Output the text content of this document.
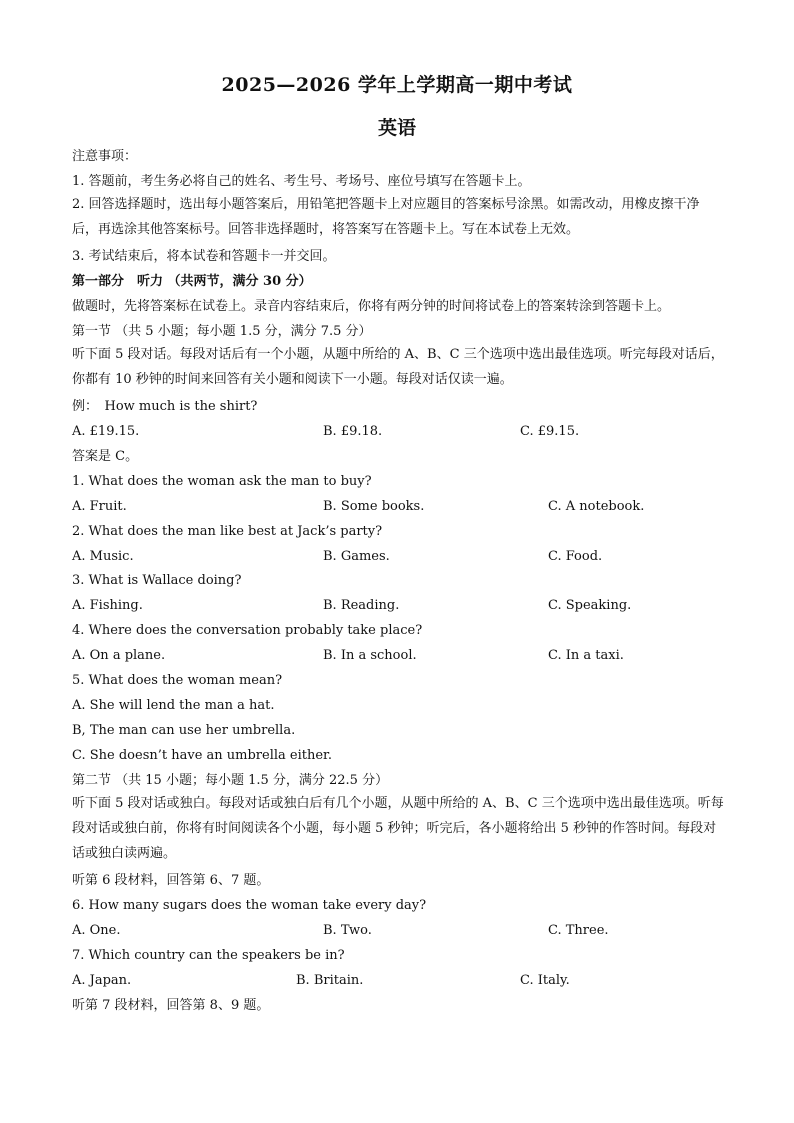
2025—2026 学年上学期高一期中考试
英语
注意事项：
1. 答题前，考生务必将自己的姓名、考生号、考场号、座位号填写在答题卡上。
2. 回答选择题时，选出每小题答案后，用铅笔把答题卡上对应题目的答案标号涂黑。如需改动，用橡皮擦干净后，再选涂其他答案标号。回答非选择题时，将答案写在答题卡上。写在本试卷上无效。
3. 考试结束后，将本试卷和答题卡一并交回。
第一部分　听力 （共两节，满分 30 分）
做题时，先将答案标在试卷上。录音内容结束后，你将有两分钟的时间将试卷上的答案转涂到答题卡上。
第一节 （共 5 小题；每小题 1.5 分，满分 7.5 分）
听下面 5 段对话。每段对话后有一个小题，从题中所给的 A、B、C 三个选项中选出最佳选项。听完每段对话后，你都有 10 秒钟的时间来回答有关小题和阅读下一小题。每段对话仅读一遍。
例：　How much is the shirt?
A. £19.15.	B. £9.18.	C. £9.15.
答案是 C。
1. What does the woman ask the man to buy?
A. Fruit.	B. Some books.	C. A notebook.
2. What does the man like best at Jack’s party?
A. Music.	B. Games.	C. Food.
3. What is Wallace doing?
A. Fishing.	B. Reading.	C. Speaking.
4. Where does the conversation probably take place?
A. On a plane.	B. In a school.	C. In a taxi.
5. What does the woman mean?
A. She will lend the man a hat.
B, The man can use her umbrella.
C. She doesn’t have an umbrella either.
第二节 （共 15 小题；每小题 1.5 分，满分 22.5 分）
听下面 5 段对话或独白。每段对话或独白后有几个小题，从题中所给的 A、B、C 三个选项中选出最佳选项。听每段对话或独白前，你将有时间阅读各个小题，每小题 5 秒钟；听完后，各小题将给出 5 秒钟的作答时间。每段对话或独白读两遍。
听第 6 段材料，回答第 6、7 题。
6. How many sugars does the woman take every day?
A. One.	B. Two.	C. Three.
7. Which country can the speakers be in?
A. Japan.	B. Britain.	C. Italy.
听第 7 段材料，回答第 8、9 题。
